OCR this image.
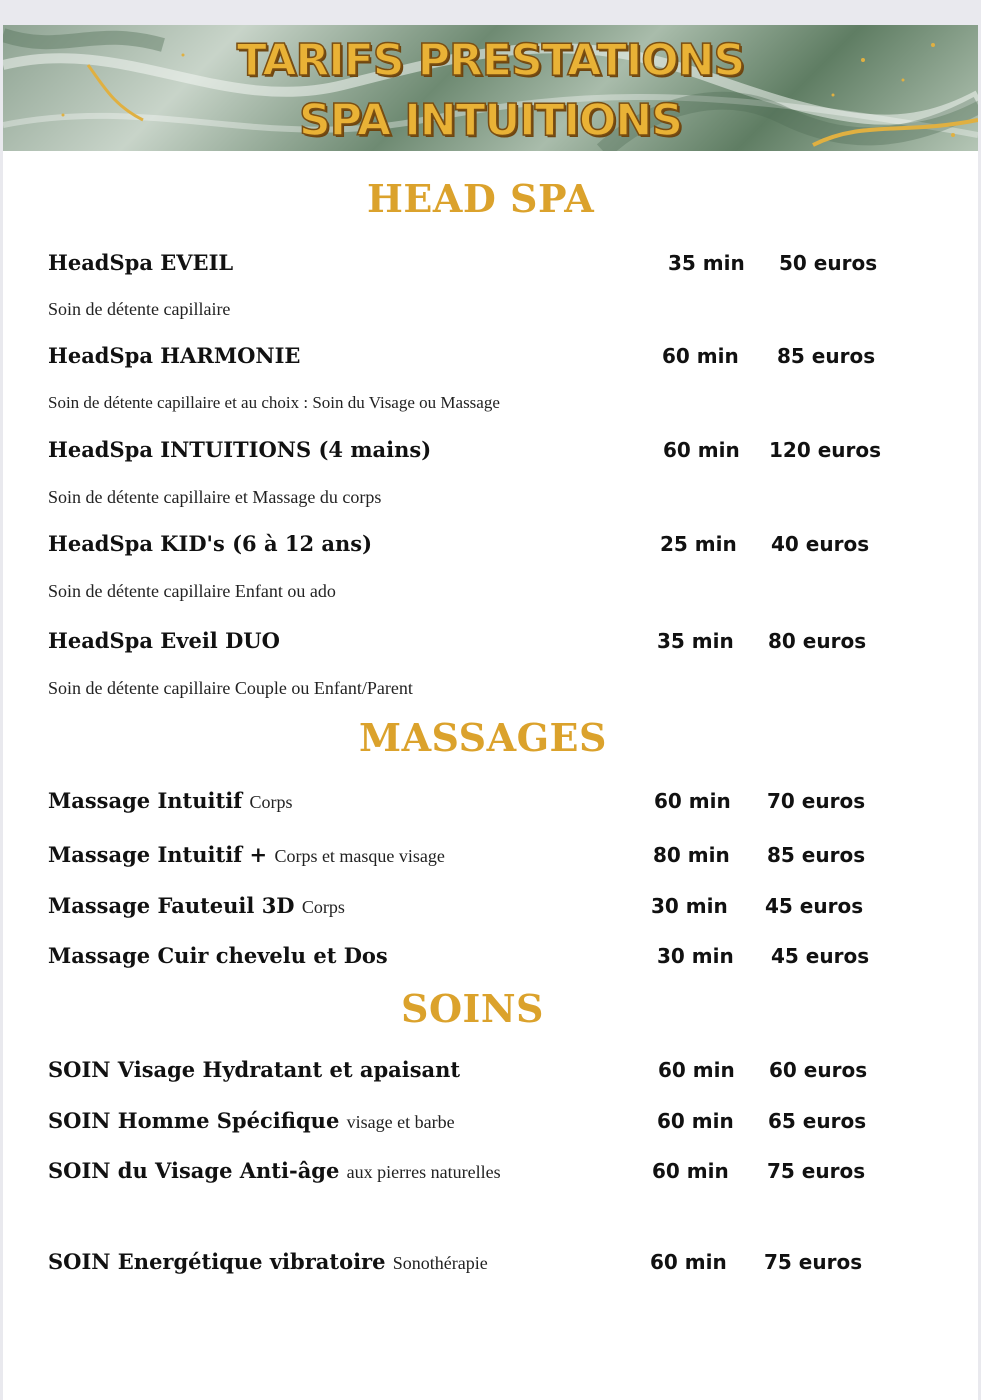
TARIFS PRESTATIONS
SPA INTUITIONS
HEAD SPA
HeadSpa EVEIL	35 min 50 euros
Soin de détente capillaire
HeadSpa HARMONIE	60 min 85 euros
Soin de détente capillaire et au choix : Soin du Visage ou Massage
HeadSpa INTUITIONS (4 mains)	60 min 120 euros
Soin de détente capillaire et Massage du corps
HeadSpa KID's (6 à 12 ans)	25 min 40 euros
Soin de détente capillaire Enfant ou ado
HeadSpa Eveil DUO	35 min 80 euros
Soin de détente capillaire Couple ou Enfant/Parent
MASSAGES
Massage Intuitif Corps	60 min 70 euros
Massage Intuitif + Corps et masque visage	80 min 85 euros
Massage Fauteuil 3D Corps	30 min 45 euros
Massage Cuir chevelu et Dos	30 min 45 euros
SOINS
SOIN Visage Hydratant et apaisant	60 min 60 euros
SOIN Homme Spécifique visage et barbe	60 min 65 euros
SOIN du Visage Anti-âge aux pierres naturelles	60 min 75 euros
SOIN Energétique vibratoire Sonothérapie	60 min 75 euros
